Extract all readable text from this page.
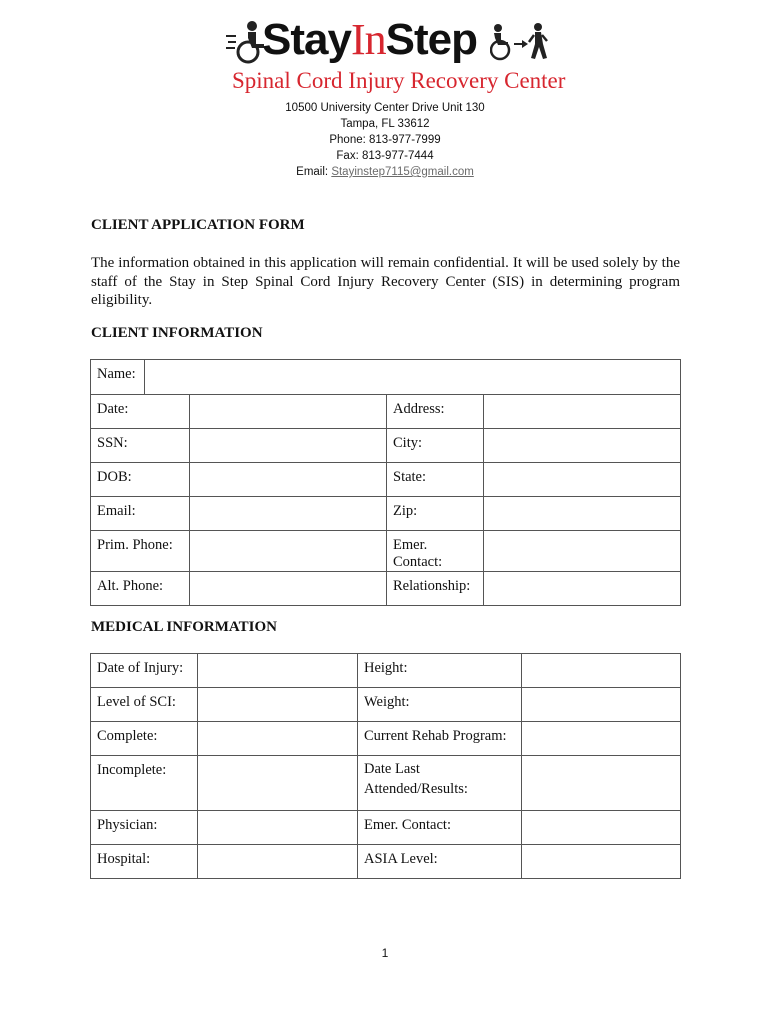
StayInStep
Spinal Cord Injury Recovery Center
10500 University Center Drive Unit 130
Tampa, FL 33612
Phone: 813-977-7999
Fax: 813-977-7444
Email: Stayinstep7115@gmail.com
CLIENT APPLICATION FORM
The information obtained in this application will remain confidential. It will be used solely by the staff of the Stay in Step Spinal Cord Injury Recovery Center (SIS) in determining program eligibility.
CLIENT INFORMATION
Name:				
Date:			Address:	
SSN:			City:	
DOB:			State:	
Email:			Zip:	
Prim. Phone:			Emer. Contact:	
Alt. Phone:			Relationship:	
MEDICAL INFORMATION
Date of Injury:		Height:	
Level of SCI:		Weight:	
Complete:		Current Rehab Program:	
Incomplete:		Date Last Attended/Results:	
Physician:		Emer. Contact:	
Hospital:		ASIA Level:	
1
